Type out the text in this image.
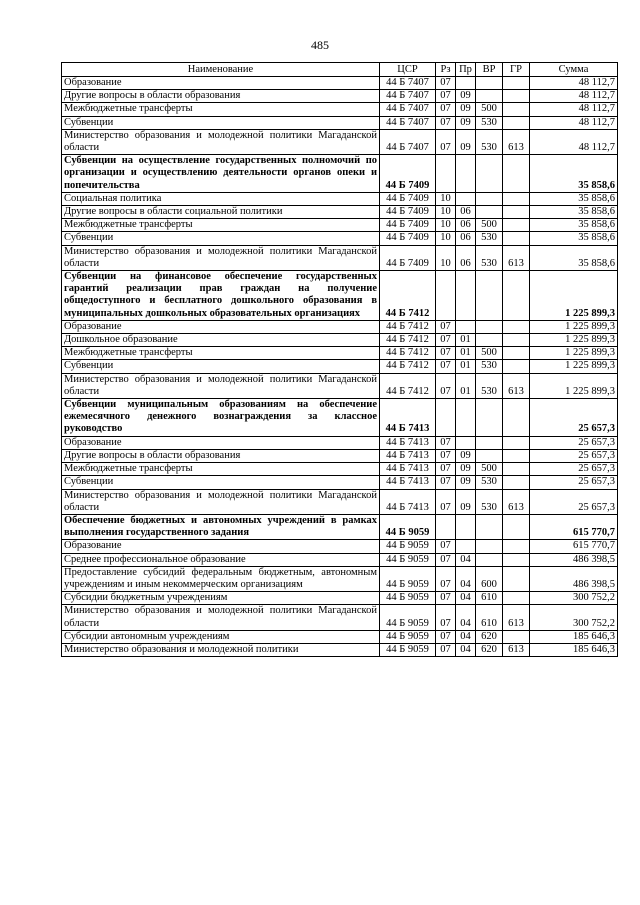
485
Наименование	ЦСР	Рз	Пр	ВР	ГР	Сумма
Образование	44 Б 7407	07				48 112,7
Другие вопросы в области образования	44 Б 7407	07	09			48 112,7
Межбюджетные трансферты	44 Б 7407	07	09	500		48 112,7
Субвенции	44 Б 7407	07	09	530		48 112,7
Министерство образования и молодежной политики Магаданской области	44 Б 7407	07	09	530	613	48 112,7
Субвенции на осуществление государственных полномочий по организации и осуществлению деятельности органов опеки и попечительства	44 Б 7409					35 858,6
Социальная политика	44 Б 7409	10				35 858,6
Другие вопросы в области социальной политики	44 Б 7409	10	06			35 858,6
Межбюджетные трансферты	44 Б 7409	10	06	500		35 858,6
Субвенции	44 Б 7409	10	06	530		35 858,6
Министерство образования и молодежной политики Магаданской области	44 Б 7409	10	06	530	613	35 858,6
Субвенции на финансовое обеспечение государственных гарантий реализации прав граждан на получение общедоступного и бесплатного дошкольного образования в муниципальных дошкольных образовательных организациях	44 Б 7412					1 225 899,3
Образование	44 Б 7412	07				1 225 899,3
Дошкольное образование	44 Б 7412	07	01			1 225 899,3
Межбюджетные трансферты	44 Б 7412	07	01	500		1 225 899,3
Субвенции	44 Б 7412	07	01	530		1 225 899,3
Министерство образования и молодежной политики Магаданской области	44 Б 7412	07	01	530	613	1 225 899,3
Субвенции муниципальным образованиям на обеспечение ежемесячного денежного вознаграждения за классное руководство	44 Б 7413					25 657,3
Образование	44 Б 7413	07				25 657,3
Другие вопросы в области образования	44 Б 7413	07	09			25 657,3
Межбюджетные трансферты	44 Б 7413	07	09	500		25 657,3
Субвенции	44 Б 7413	07	09	530		25 657,3
Министерство образования и молодежной политики Магаданской области	44 Б 7413	07	09	530	613	25 657,3
Обеспечение бюджетных и автономных учреждений в рамках выполнения государственного задания	44 Б 9059					615 770,7
Образование	44 Б 9059	07				615 770,7
Среднее профессиональное образование	44 Б 9059	07	04			486 398,5
Предоставление субсидий федеральным бюджетным, автономным учреждениям и иным некоммерческим организациям	44 Б 9059	07	04	600		486 398,5
Субсидии бюджетным учреждениям	44 Б 9059	07	04	610		300 752,2
Министерство образования и молодежной политики Магаданской области	44 Б 9059	07	04	610	613	300 752,2
Субсидии автономным учреждениям	44 Б 9059	07	04	620		185 646,3
Министерство образования и молодежной политики	44 Б 9059	07	04	620	613	185 646,3
